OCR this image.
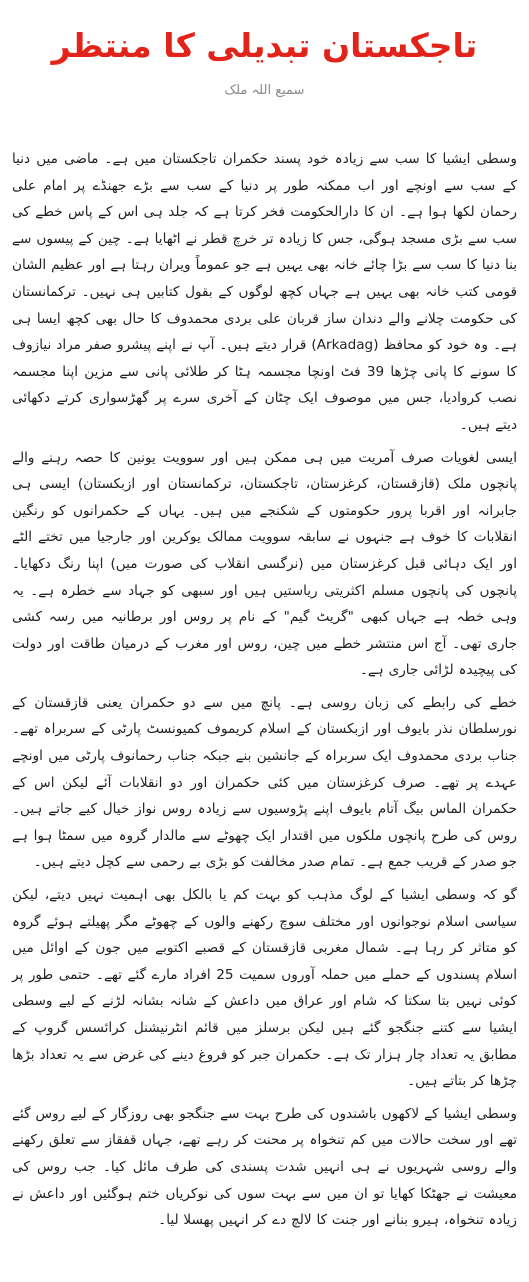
تاجکستان تبدیلی کا منتظر
سمیع اللہ ملک

وسطی ایشیا کا سب سے زیادہ خود پسند حکمران تاجکستان میں ہے۔ ماضی میں دنیا کے سب سے اونچے اور اب ممکنہ طور پر دنیا کے سب سے بڑے جھنڈے پر امام علی رحمان لکھا ہوا ہے۔ ان کا دارالحکومت فخر کرتا ہے کہ جلد ہی اس کے پاس خطے کی سب سے بڑی مسجد ہوگی، جس کا زیادہ تر خرچ قطر نے اٹھایا ہے۔ چین کے پیسوں سے بنا دنیا کا سب سے بڑا چائے خانہ بھی یہیں ہے جو عموماً ویران رہتا ہے اور عظیم الشان قومی کتب خانہ بھی یہیں ہے جہاں کچھ لوگوں کے بقول کتابیں ہی نہیں۔ ترکمانستان کی حکومت چلانے والے دندان ساز قربان علی بردی محمدوف کا حال بھی کچھ ایسا ہی ہے۔ وہ خود کو محافظ (Arkadag) قرار دیتے ہیں۔ آپ نے اپنے پیشرو صفر مراد نیازوف کا سونے کا پانی چڑھا 39 فٹ اونچا مجسمہ ہٹا کر طلائی پانی سے مزین اپنا مجسمہ نصب کروادیا، جس میں موصوف ایک چٹان کے آخری سرے پر گھڑسواری کرتے دکھائی دیتے ہیں۔

ایسی لغویات صرف آمریت میں ہی ممکن ہیں اور سوویت یونین کا حصہ رہنے والے پانچوں ملک (قازقستان، کرغزستان، تاجکستان، ترکمانستان اور ازبکستان) ایسی ہی جابرانہ اور اقربا پرور حکومتوں کے شکنجے میں ہیں۔ یہاں کے حکمرانوں کو رنگین انقلابات کا خوف ہے جنہوں نے سابقہ سوویت ممالک یوکرین اور جارجیا میں تختے الٹے اور ایک دہائی قبل کرغزستان میں (نرگسی انقلاب کی صورت میں) اپنا رنگ دکھایا۔ پانچوں کی پانچوں مسلم اکثریتی ریاستیں ہیں اور سبھی کو جہاد سے خطرہ ہے۔ یہ وہی خطہ ہے جہاں کبھی "گریٹ گیم" کے نام پر روس اور برطانیہ میں رسہ کشی جاری تھی۔ آج اس منتشر خطے میں چین، روس اور مغرب کے درمیان طاقت اور دولت کی پیچیدہ لڑائی جاری ہے۔

خطے کی رابطے کی زبان روسی ہے۔ پانچ میں سے دو حکمران یعنی قازقستان کے نورسلطان نذر بایوف اور ازبکستان کے اسلام کریموف کمیونسٹ پارٹی کے سربراہ تھے۔ جناب بردی محمدوف ایک سربراہ کے جانشین بنے جبکہ جناب رحمانوف پارٹی میں اونچے عہدے پر تھے۔ صرف کرغزستان میں کئی حکمران اور دو انقلابات آئے لیکن اس کے حکمران الماس بیگ آتام بایوف اپنے پڑوسیوں سے زیادہ روس نواز خیال کیے جاتے ہیں۔ روس کی طرح پانچوں ملکوں میں اقتدار ایک چھوٹے سے مالدار گروہ میں سمٹا ہوا ہے جو صدر کے قریب جمع ہے۔ تمام صدر مخالفت کو بڑی بے رحمی سے کچل دیتے ہیں۔

گو کہ وسطی ایشیا کے لوگ مذہب کو بہت کم یا بالکل بھی اہمیت نہیں دیتے، لیکن سیاسی اسلام نوجوانوں اور مختلف سوچ رکھنے والوں کے چھوٹے مگر پھیلتے ہوئے گروہ کو متاثر کر رہا ہے۔ شمال مغربی قازقستان کے قصبے اکتوبے میں جون کے اوائل میں اسلام پسندوں کے حملے میں حملہ آوروں سمیت 25 افراد مارے گئے تھے۔ حتمی طور پر کوئی نہیں بتا سکتا کہ شام اور عراق میں داعش کے شانہ بشانہ لڑنے کے لیے وسطی ایشیا سے کتنے جنگجو گئے ہیں لیکن برسلز میں قائم انٹرنیشنل کرائسس گروپ کے مطابق یہ تعداد چار ہزار تک ہے۔ حکمران جبر کو فروغ دینے کی غرض سے یہ تعداد بڑھا چڑھا کر بتاتے ہیں۔

وسطی ایشیا کے لاکھوں باشندوں کی طرح بہت سے جنگجو بھی روزگار کے لیے روس گئے تھے اور سخت حالات میں کم تنخواہ پر محنت کر رہے تھے، جہاں قفقاز سے تعلق رکھنے والے روسی شہریوں نے ہی انہیں شدت پسندی کی طرف مائل کیا۔ جب روس کی معیشت نے جھٹکا کھایا تو ان میں سے بہت سوں کی نوکریاں ختم ہوگئیں اور داعش نے زیادہ تنخواہ، ہیرو بنانے اور جنت کا لالچ دے کر انہیں پھسلا لیا۔
